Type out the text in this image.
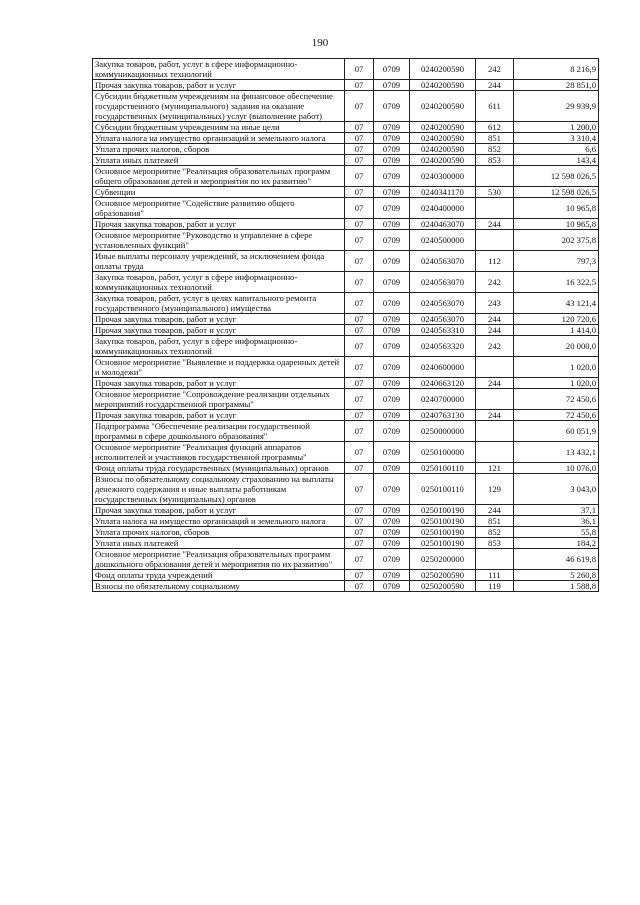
190
Закупка товаров, работ, услуг в сфере информационно-коммуникационных технологий	07	0709	0240200590	242	8 216,9
Прочая закупка товаров, работ и услуг	07	0709	0240200590	244	28 851,0
Субсидии бюджетным учреждениям на финансовое обеспечение государственного (муниципального) задания на оказание государственных (муниципальных) услуг (выполнение работ)	07	0709	0240200590	611	29 939,9
Субсидии бюджетным учреждениям на иные цели	07	0709	0240200590	612	1 200,0
Уплата налога на имущество организаций и земельного налога	07	0709	0240200590	851	3 310,4
Уплата прочих налогов, сборов	07	0709	0240200590	852	6,6
Уплата иных платежей	07	0709	0240200590	853	143,4
Основное мероприятие "Реализация образовательных программ общего образования детей и мероприятия по их развитию"	07	0709	0240300000		12 598 026,5
Субвенции	07	0709	0240341170	530	12 598 026,5
Основное мероприятие "Содействие развитию общего образования"	07	0709	0240400000		10 965,8
Прочая закупка товаров, работ и услуг	07	0709	0240463070	244	10 965,8
Основное мероприятие "Руководство и управление в сфере установленных функций"	07	0709	0240500000		202 375,8
Иные выплаты персоналу учреждений, за исключением фонда оплаты труда	07	0709	0240563070	112	797,3
Закупка товаров, работ, услуг в сфере информационно-коммуникационных технологий	07	0709	0240563070	242	16 322,5
Закупка товаров, работ, услуг в целях капитального ремонта государственного (муниципального) имущества	07	0709	0240563070	243	43 121,4
Прочая закупка товаров, работ и услуг	07	0709	0240563070	244	120 720,6
Прочая закупка товаров, работ и услуг	07	0709	0240563310	244	1 414,0
Закупка товаров, работ, услуг в сфере информационно-коммуникационных технологий	07	0709	0240563320	242	20 000,0
Основное мероприятие "Выявление и поддержка одаренных детей и молодежи"	07	0709	0240600000		1 020,0
Прочая закупка товаров, работ и услуг	07	0709	0240663120	244	1 020,0
Основное мероприятие "Сопровождение реализации отдельных мероприятий государственной программы"	07	0709	0240700000		72 450,6
Прочая закупка товаров, работ и услуг	07	0709	0240763130	244	72 450,6
Подпрограмма "Обеспечение реализации государственной программы в сфере дошкольного образования"	07	0709	0250000000		60 051,9
Основное мероприятие "Реализация функций аппаратов исполнителей и участников государственной программы"	07	0709	0250100000		13 432,1
Фонд оплаты труда государственных (муниципальных) органов	07	0709	0250100110	121	10 076,0
Взносы по обязательному социальному страхованию на выплаты денежного содержания и иные выплаты работникам государственных (муниципальных) органов	07	0709	0250100110	129	3 043,0
Прочая закупка товаров, работ и услуг	07	0709	0250100190	244	37,1
Уплата налога на имущество организаций и земельного налога	07	0709	0250100190	851	36,1
Уплата прочих налогов, сборов	07	0709	0250100190	852	55,8
Уплата иных платежей	07	0709	0250100190	853	184,2
Основное мероприятие "Реализация образовательных программ дошкольного образования детей и мероприятия по их развитию"	07	0709	0250200000		46 619,8
Фонд оплаты труда учреждений	07	0709	0250200590	111	5 260,8
Взносы по обязательному социальному	07	0709	0250200590	119	1 588,8
